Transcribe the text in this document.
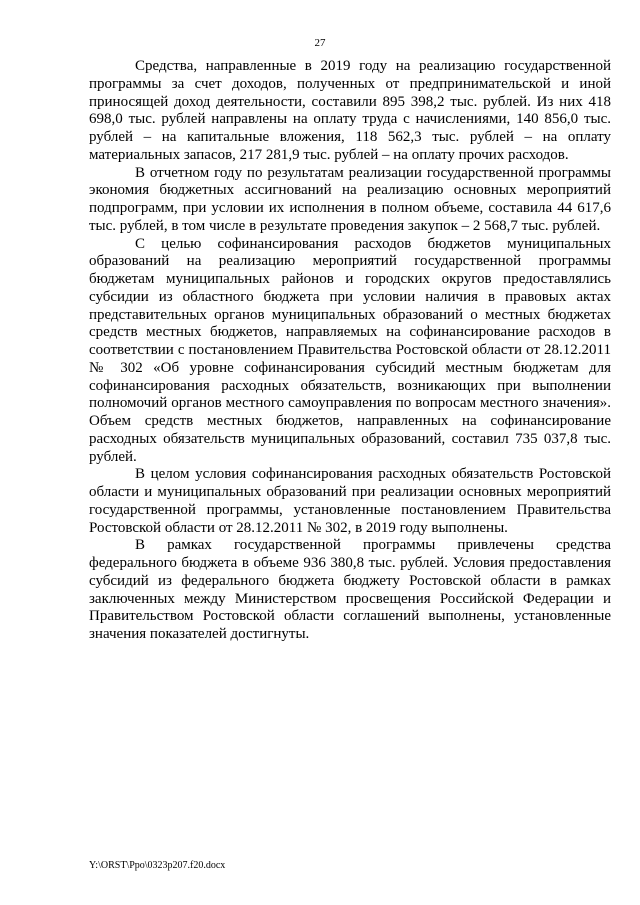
27

Средства, направленные в 2019 году на реализацию государственной программы за счет доходов, полученных от предпринимательской и иной приносящей доход деятельности, составили 895 398,2 тыс. рублей. Из них 418 698,0 тыс. рублей направлены на оплату труда с начислениями, 140 856,0 тыс. рублей – на капитальные вложения, 118 562,3 тыс. рублей – на оплату материальных запасов, 217 281,9 тыс. рублей – на оплату прочих расходов.

В отчетном году по результатам реализации государственной программы экономия бюджетных ассигнований на реализацию основных мероприятий подпрограмм, при условии их исполнения в полном объеме, составила 44 617,6 тыс. рублей, в том числе в результате проведения закупок – 2 568,7 тыс. рублей.

С целью софинансирования расходов бюджетов муниципальных образований на реализацию мероприятий государственной программы бюджетам муниципальных районов и городских округов предоставлялись субсидии из областного бюджета при условии наличия в правовых актах представительных органов муниципальных образований о местных бюджетах средств местных бюджетов, направляемых на софинансирование расходов в соответствии с постановлением Правительства Ростовской области от 28.12.2011 № 302 «Об уровне софинансирования субсидий местным бюджетам для софинансирования расходных обязательств, возникающих при выполнении полномочий органов местного самоуправления по вопросам местного значения». Объем средств местных бюджетов, направленных на софинансирование расходных обязательств муниципальных образований, составил 735 037,8 тыс. рублей.

В целом условия софинансирования расходных обязательств Ростовской области и муниципальных образований при реализации основных мероприятий государственной программы, установленные постановлением Правительства Ростовской области от 28.12.2011 № 302, в 2019 году выполнены.

В рамках государственной программы привлечены средства федерального бюджета в объеме 936 380,8 тыс. рублей. Условия предоставления субсидий из федерального бюджета бюджету Ростовской области в рамках заключенных между Министерством просвещения Российской Федерации и Правительством Ростовской области соглашений выполнены, установленные значения показателей достигнуты.

Y:\ORST\Ppo\0323p207.f20.docx
